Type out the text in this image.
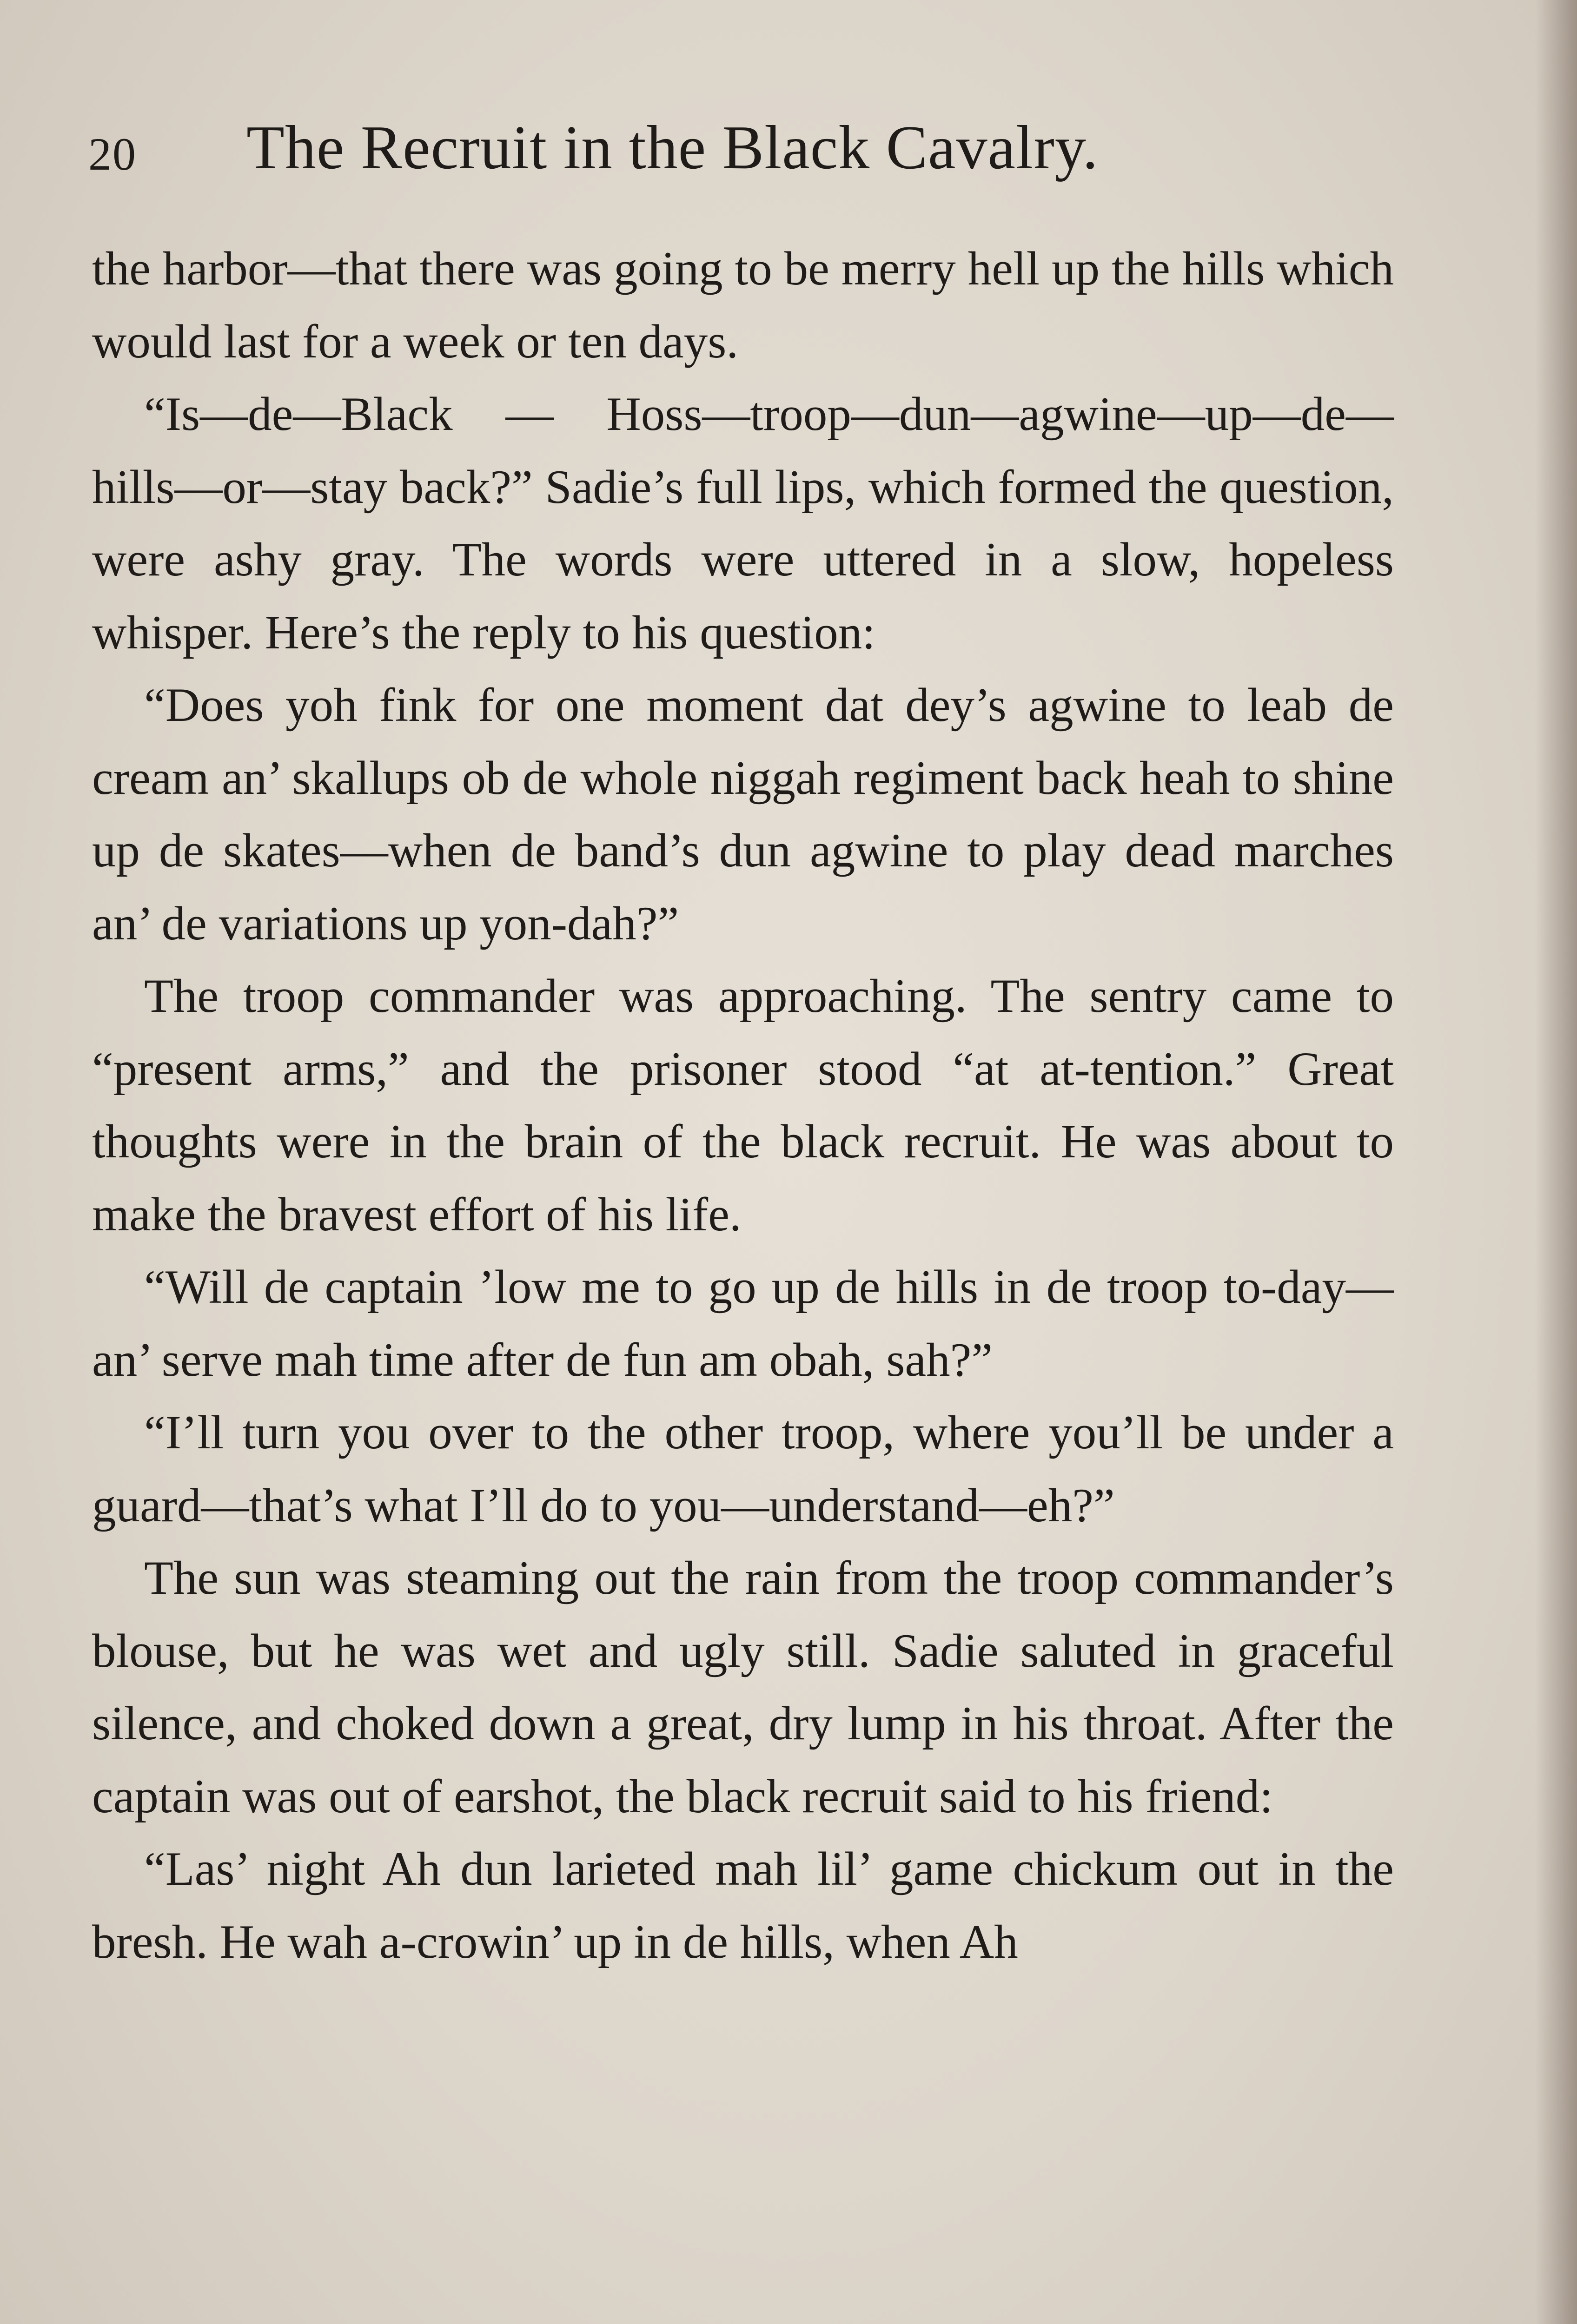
20 The Recruit in the Black Cavalry.

the harbor—that there was going to be merry hell up the hills which would last for a week or ten days.

“Is—de—Black — Hoss—troop—dun—agwine—up—de—hills—or—stay back?” Sadie’s full lips, which formed the question, were ashy gray. The words were uttered in a slow, hopeless whisper. Here’s the reply to his question:

“Does yoh fink for one moment dat dey’s agwine to leab de cream an’ skallups ob de whole niggah regiment back heah to shine up de skates—when de band’s dun agwine to play dead marches an’ de variations up yon-dah?”

The troop commander was approaching. The sentry came to “present arms,” and the prisoner stood “at at-tention.” Great thoughts were in the brain of the black recruit. He was about to make the bravest effort of his life.

“Will de captain ’low me to go up de hills in de troop to-day—an’ serve mah time after de fun am obah, sah?”

“I’ll turn you over to the other troop, where you’ll be under a guard—that’s what I’ll do to you—understand—eh?”

The sun was steaming out the rain from the troop commander’s blouse, but he was wet and ugly still. Sadie saluted in graceful silence, and choked down a great, dry lump in his throat. After the captain was out of earshot, the black recruit said to his friend:

“Las’ night Ah dun larieted mah lil’ game chickum out in the bresh. He wah a-crowin’ up in de hills, when Ah
